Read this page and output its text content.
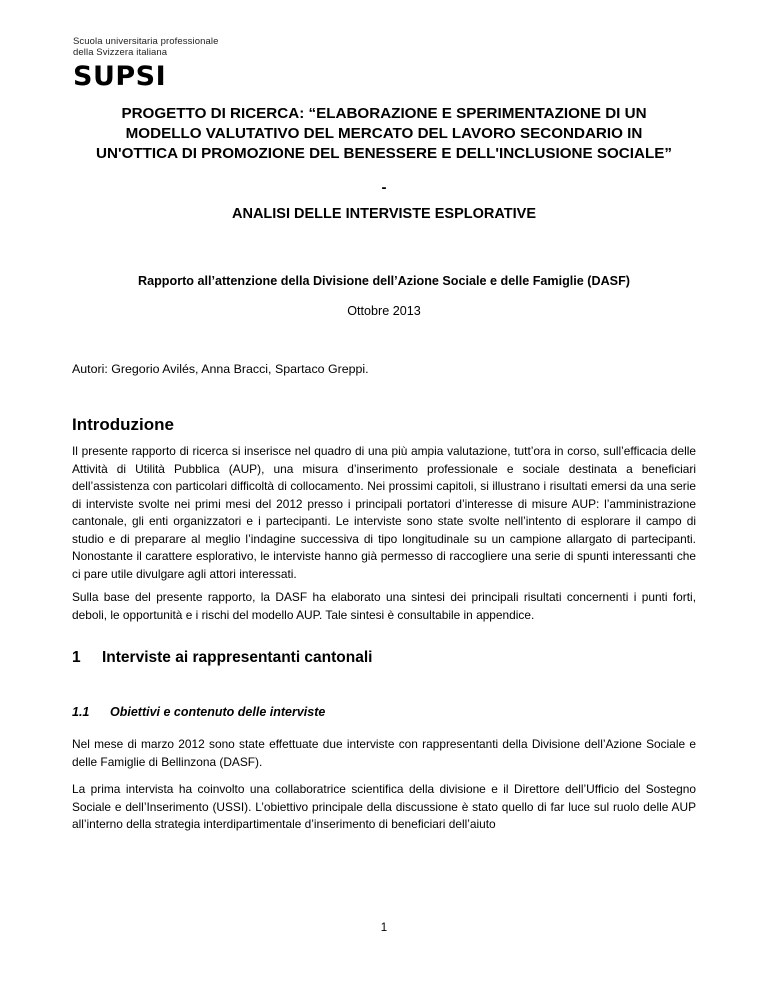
Scuola universitaria professionale
della Svizzera italiana
SUPSI
PROGETTO DI RICERCA: “ELABORAZIONE E SPERIMENTAZIONE DI UN MODELLO VALUTATIVO DEL MERCATO DEL LAVORO SECONDARIO IN UN'OTTICA DI PROMOZIONE DEL BENESSERE E DELL'INCLUSIONE SOCIALE”
-
ANALISI DELLE INTERVISTE ESPLORATIVE
Rapporto all’attenzione della Divisione dell’Azione Sociale e delle Famiglie (DASF)
Ottobre 2013
Autori: Gregorio Avilés, Anna Bracci, Spartaco Greppi.
Introduzione
Il presente rapporto di ricerca si inserisce nel quadro di una più ampia valutazione, tutt’ora in corso, sull’efficacia delle Attività di Utilità Pubblica (AUP), una misura d’inserimento professionale e sociale destinata a beneficiari dell’assistenza con particolari difficoltà di collocamento. Nei prossimi capitoli, si illustrano i risultati emersi da una serie di interviste svolte nei primi mesi del 2012 presso i principali portatori d’interesse di misure AUP: l’amministrazione cantonale, gli enti organizzatori e i partecipanti. Le interviste sono state svolte nell’intento di esplorare il campo di studio e di preparare al meglio l’indagine successiva di tipo longitudinale su un campione allargato di partecipanti. Nonostante il carattere esplorativo, le interviste hanno già permesso di raccogliere una serie di spunti interessanti che ci pare utile divulgare agli attori interessati.
Sulla base del presente rapporto, la DASF ha elaborato una sintesi dei principali risultati concernenti i punti forti, deboli, le opportunità e i rischi del modello AUP. Tale sintesi è consultabile in appendice.
1 Interviste ai rappresentanti cantonali
1.1 Obiettivi e contenuto delle interviste
Nel mese di marzo 2012 sono state effettuate due interviste con rappresentanti della Divisione dell’Azione Sociale e delle Famiglie di Bellinzona (DASF).
La prima intervista ha coinvolto una collaboratrice scientifica della divisione e il Direttore dell’Ufficio del Sostegno Sociale e dell’Inserimento (USSI). L’obiettivo principale della discussione è stato quello di far luce sul ruolo delle AUP all’interno della strategia interdipartimentale d’inserimento di beneficiari dell’aiuto
1
